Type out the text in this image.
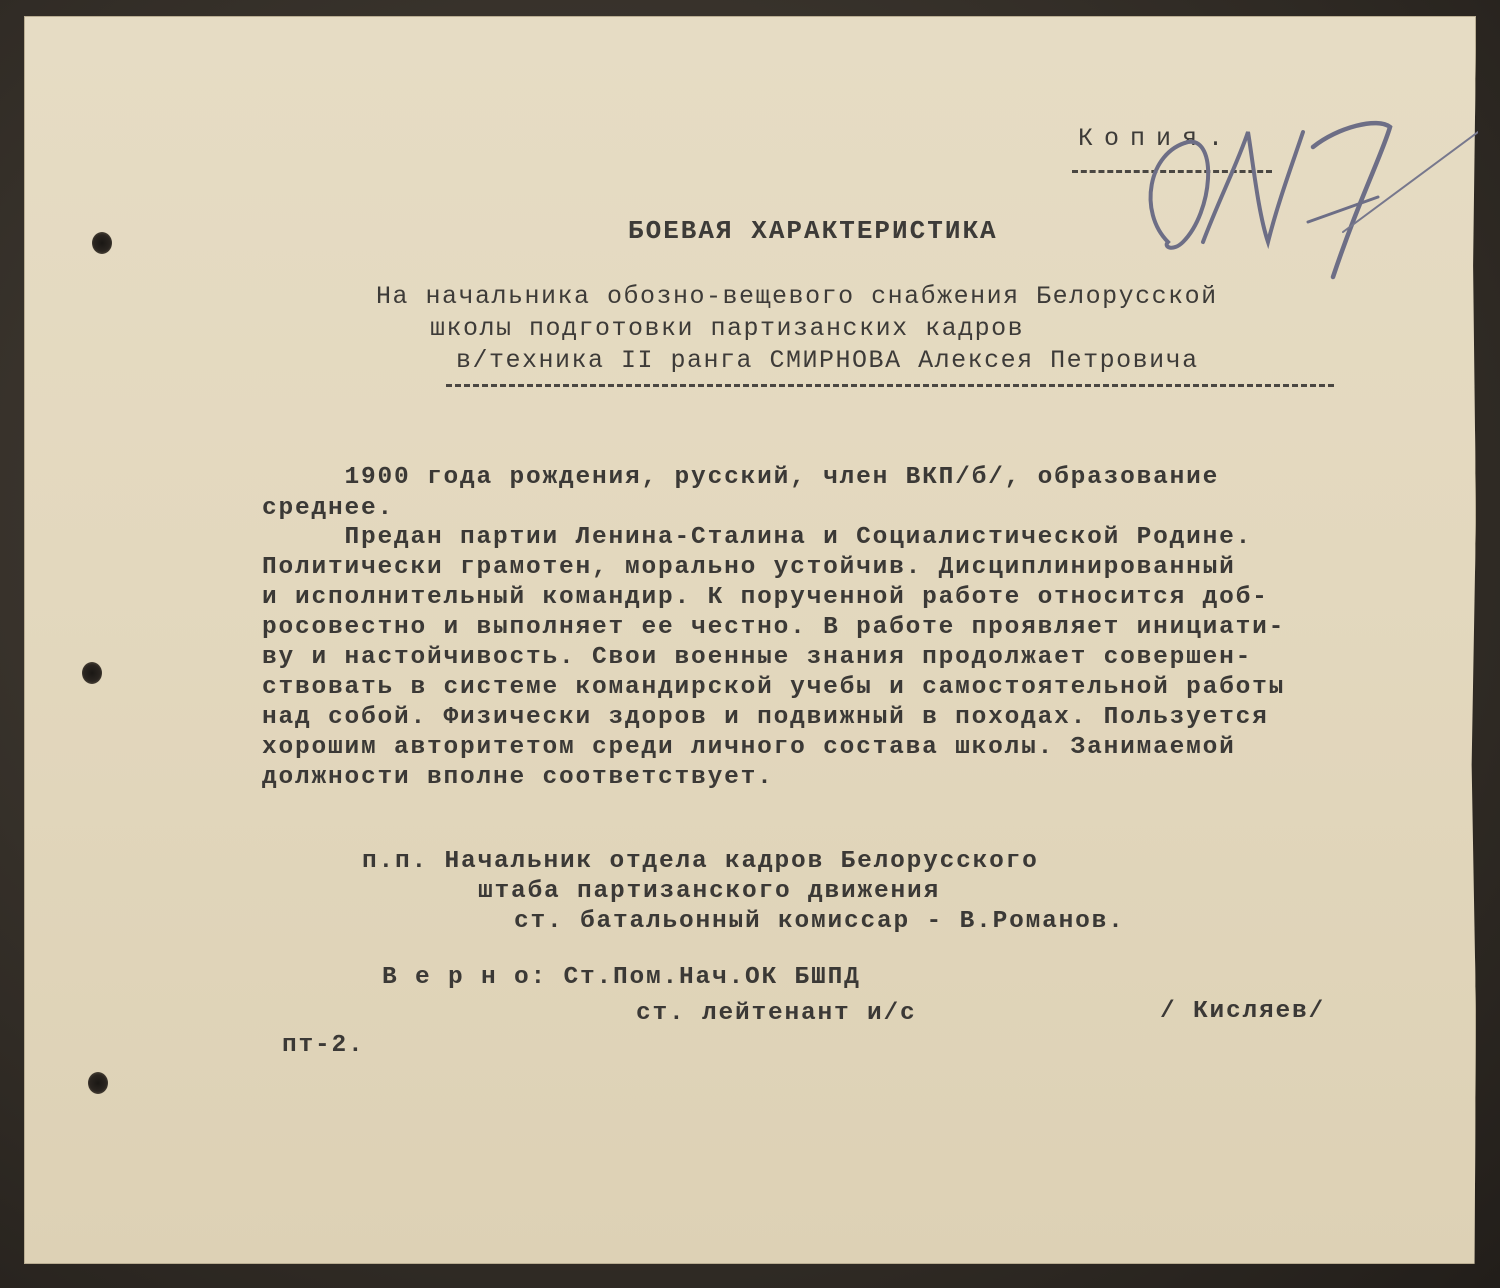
Копия.
БОЕВАЯ ХАРАКТЕРИСТИКА
На начальника обозно-вещевого снабжения Белорусской
школы подготовки партизанских кадров
в/техника II ранга СМИРНОВА Алексея Петровича
1900 года рождения, русский, член ВКП/б/, образование
среднее.
Предан партии Ленина-Сталина и Социалистической Родине.
Политически грамотен, морально устойчив. Дисциплинированный
и исполнительный командир. К порученной работе относится доб-
росовестно и выполняет ее честно. В работе проявляет инициати-
ву и настойчивость. Свои военные знания продолжает совершен-
ствовать в системе командирской учебы и самостоятельной работы
над собой. Физически здоров и подвижный в походах. Пользуется
хорошим авторитетом среди личного состава школы. Занимаемой
должности вполне соответствует.
п.п. Начальник отдела кадров Белорусского
штаба партизанского движения
ст. батальонный комиссар - В.Романов.
В е р н о: Ст.Пом.Нач.ОК БШПД
ст. лейтенант и/с	/ Кисляев/
пт-2.
